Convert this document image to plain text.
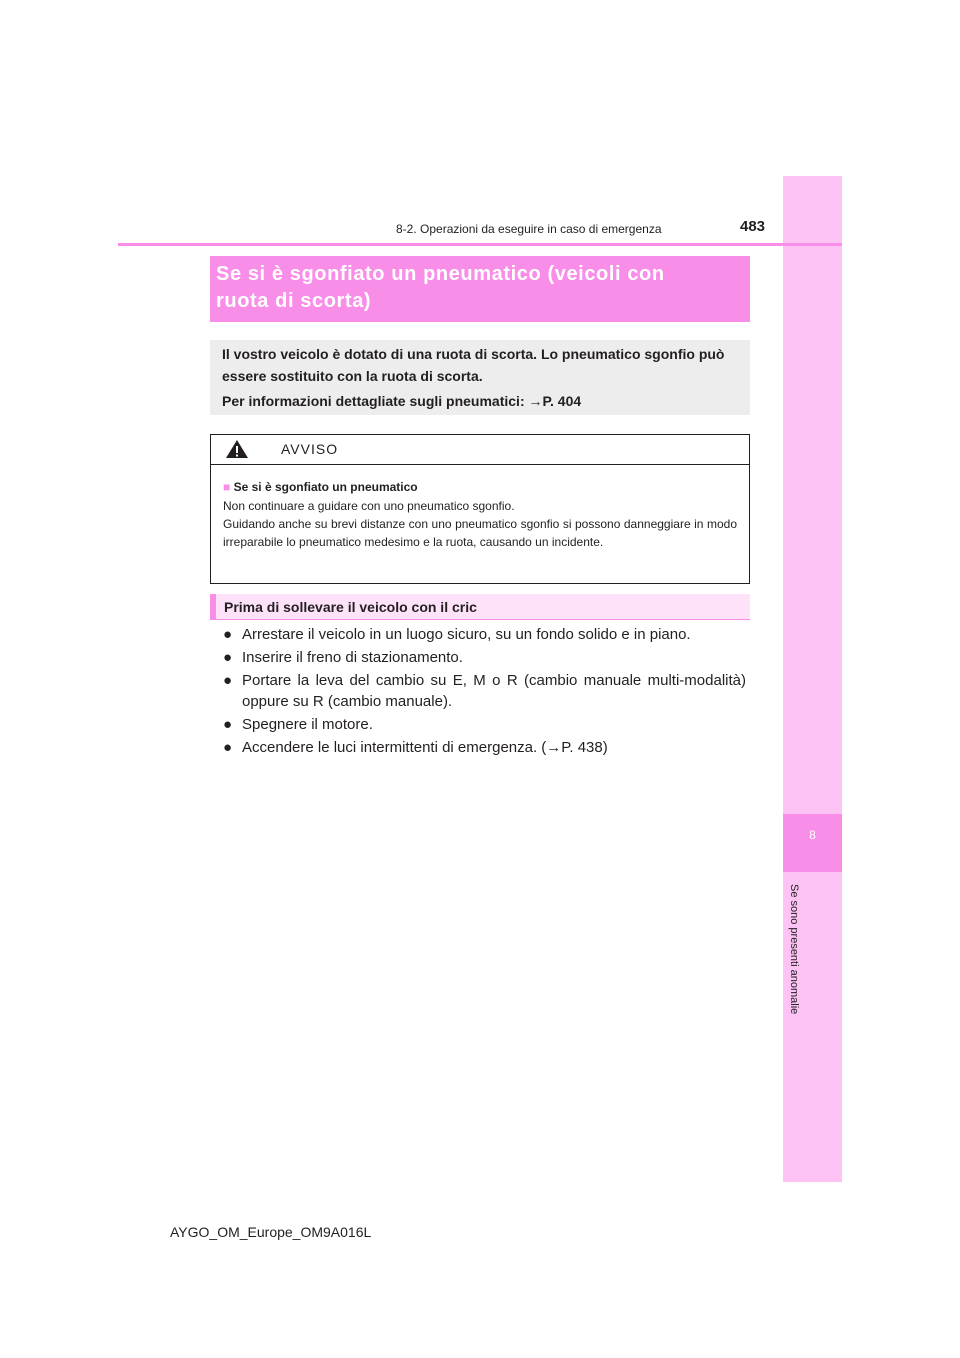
8
Se sono presenti anomalie
8-2. Operazioni da eseguire in caso di emergenza	483
Se si è sgonfiato un pneumatico (veicoli con
ruota di scorta)

Il vostro veicolo è dotato di una ruota di scorta. Lo pneumatico sgonfio può essere sostituito con la ruota di scorta.

Per informazioni dettagliate sugli pneumatici: →P. 404

AVVISO
■ Se si è sgonfiato un pneumatico

Non continuare a guidare con uno pneumatico sgonfio.

Guidando anche su brevi distanze con uno pneumatico sgonfio si possono danneggiare in modo irreparabile lo pneumatico medesimo e la ruota, causando un incidente.

Prima di sollevare il veicolo con il cric
● Arrestare il veicolo in un luogo sicuro, su un fondo solido e in piano.
● Inserire il freno di stazionamento.
● Portare la leva del cambio su E, M o R (cambio manuale multi-modalità) oppure su R (cambio manuale).
● Spegnere il motore.
● Accendere le luci intermittenti di emergenza. (→P. 438)
AYGO_OM_Europe_OM9A016L
